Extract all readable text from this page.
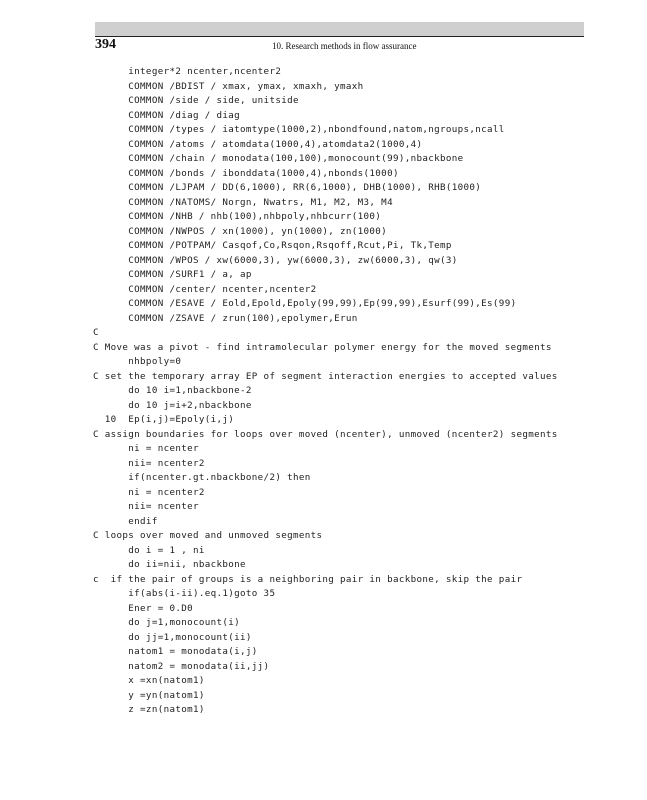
394	10. Research methods in flow assurance
integer*2 ncenter,ncenter2
COMMON /BDIST / xmax, ymax, xmaxh, ymaxh
COMMON /side / side, unitside
COMMON /diag / diag
COMMON /types / iatomtype(1000,2),nbondfound,natom,ngroups,ncall
COMMON /atoms / atomdata(1000,4),atomdata2(1000,4)
COMMON /chain / monodata(100,100),monocount(99),nbackbone
COMMON /bonds / ibonddata(1000,4),nbonds(1000)
COMMON /LJPAM / DD(6,1000), RR(6,1000), DHB(1000), RHB(1000)
COMMON /NATOMS/ Norgn, Nwatrs, M1, M2, M3, M4
COMMON /NHB / nhb(100),nhbpoly,nhbcurr(100)
COMMON /NWPOS / xn(1000), yn(1000), zn(1000)
COMMON /POTPAM/ Casqof,Co,Rsqon,Rsqoff,Rcut,Pi, Tk,Temp
COMMON /WPOS / xw(6000,3), yw(6000,3), zw(6000,3), qw(3)
COMMON /SURF1 / a, ap
COMMON /center/ ncenter,ncenter2
COMMON /ESAVE / Eold,Epold,Epoly(99,99),Ep(99,99),Esurf(99),Es(99)
COMMON /ZSAVE / zrun(100),epolymer,Erun
C
C Move was a pivot - find intramolecular polymer energy for the moved segments
nhbpoly=0
C set the temporary array EP of segment interaction energies to accepted values
do 10 i=1,nbackbone-2
do 10 j=i+2,nbackbone
10  Ep(i,j)=Epoly(i,j)
C assign boundaries for loops over moved (ncenter), unmoved (ncenter2) segments
ni = ncenter
nii= ncenter2
if(ncenter.gt.nbackbone/2) then
ni = ncenter2
nii= ncenter
endif
C loops over moved and unmoved segments
do i = 1 , ni
do ii=nii, nbackbone
c  if the pair of groups is a neighboring pair in backbone, skip the pair
if(abs(i-ii).eq.1)goto 35
Ener = 0.D0
do j=1,monocount(i)
do jj=1,monocount(ii)
natom1 = monodata(i,j)
natom2 = monodata(ii,jj)
x =xn(natom1)
y =yn(natom1)
z =zn(natom1)
